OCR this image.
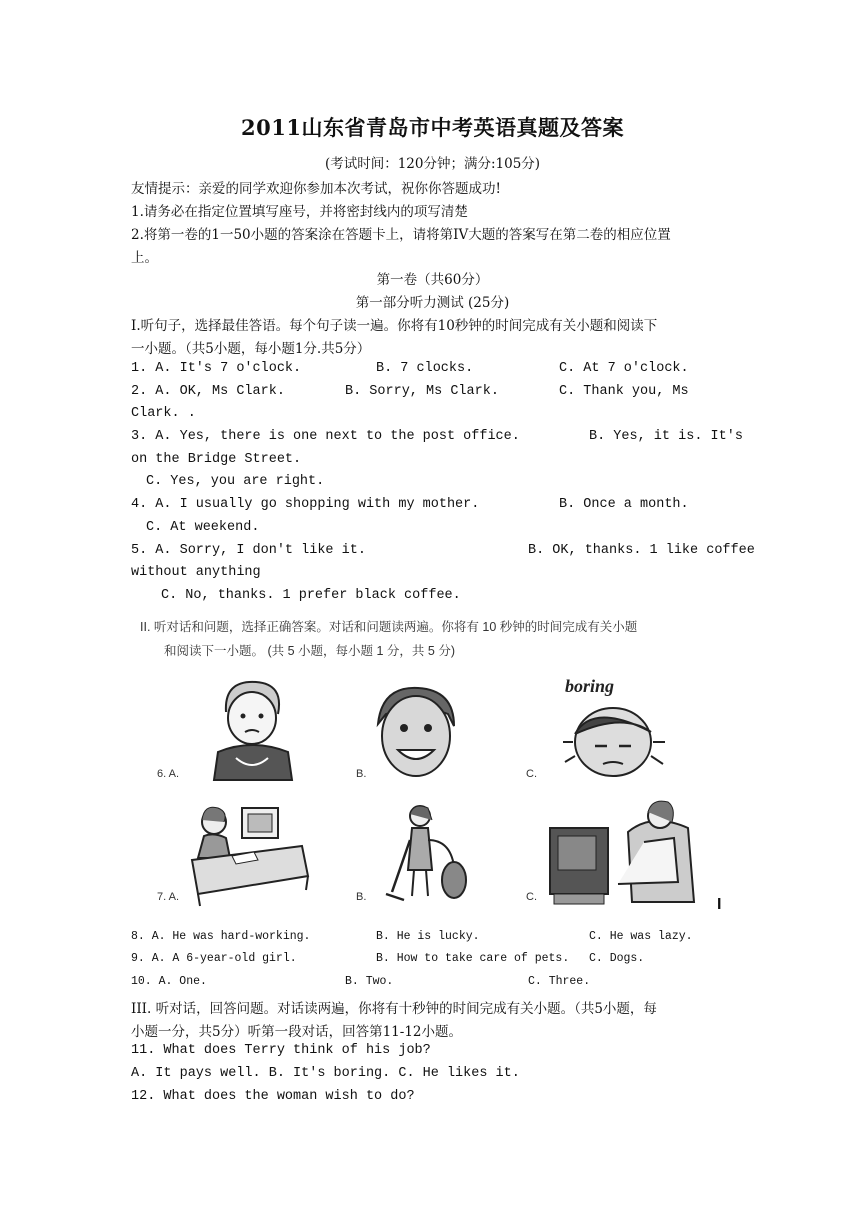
2011山东省青岛市中考英语真题及答案
(考试时间：120分钟；满分:105分)
友情提示：亲爱的同学欢迎你参加本次考试，祝你你答题成功!
1.请务必在指定位置填写座号，并将密封线内的项写清楚
2.将第一卷的1一50小题的答案涂在答题卡上，请将第IV大题的答案写在第二卷的相应位置
上。
第一卷（共60分）
第一部分听力测试 (25分)
Ⅰ.听句子，选择最佳答语。每个句子读一遍。你将有10秒钟的时间完成有关小题和阅读下
一小题。（共5小题，每小题1分.共5分）
1. A. It's 7 o'clock.	B. 7 clocks.	C. At 7 o'clock.
2. A. OK, Ms Clark.	B. Sorry, Ms Clark.	C. Thank you, Ms
Clark. .
3. A. Yes, there is one next to the post office.	B. Yes, it is. It's
on the Bridge Street.
C. Yes, you are right.
4. A. I usually go shopping with my mother.	B. Once a month.
C. At weekend.
5. A. Sorry, I don't like it.	B. OK, thanks. 1 like coffee
without anything
C. No, thanks. 1 prefer black coffee.
II. 听对话和问题，选择正确答案。对话和问题读两遍。你将有 10 秒钟的时间完成有关小题
和阅读下一小题。 (共 5 小题，每小题 1 分，共 5 分)
boring
6. A.	B.	C.
7. A.	B.	C.	I
8. A. He was hard-working.	B. He is lucky.	C. He was lazy.
9. A. A 6-year-old girl.	B. How to take care of pets. C. Dogs.
10. A. One.	B. Two.	C. Three.
III. 听对话，回答问题。对话读两遍，你将有十秒钟的时间完成有关小题。（共5小题，每
小题一分，共5分）听第一段对话，回答第11-12小题。
11. What does Terry think of his job?
A. It pays well. B. It's boring. C. He likes it.
12. What does the woman wish to do?
